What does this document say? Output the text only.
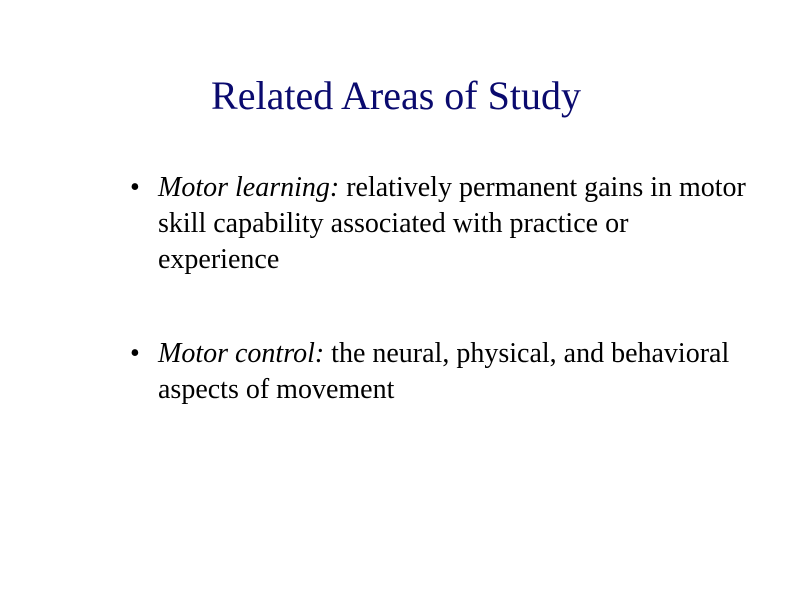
Related Areas of Study
• Motor learning: relatively permanent gains in motor skill capability associated with practice or experience
• Motor control: the neural, physical, and behavioral aspects of movement
